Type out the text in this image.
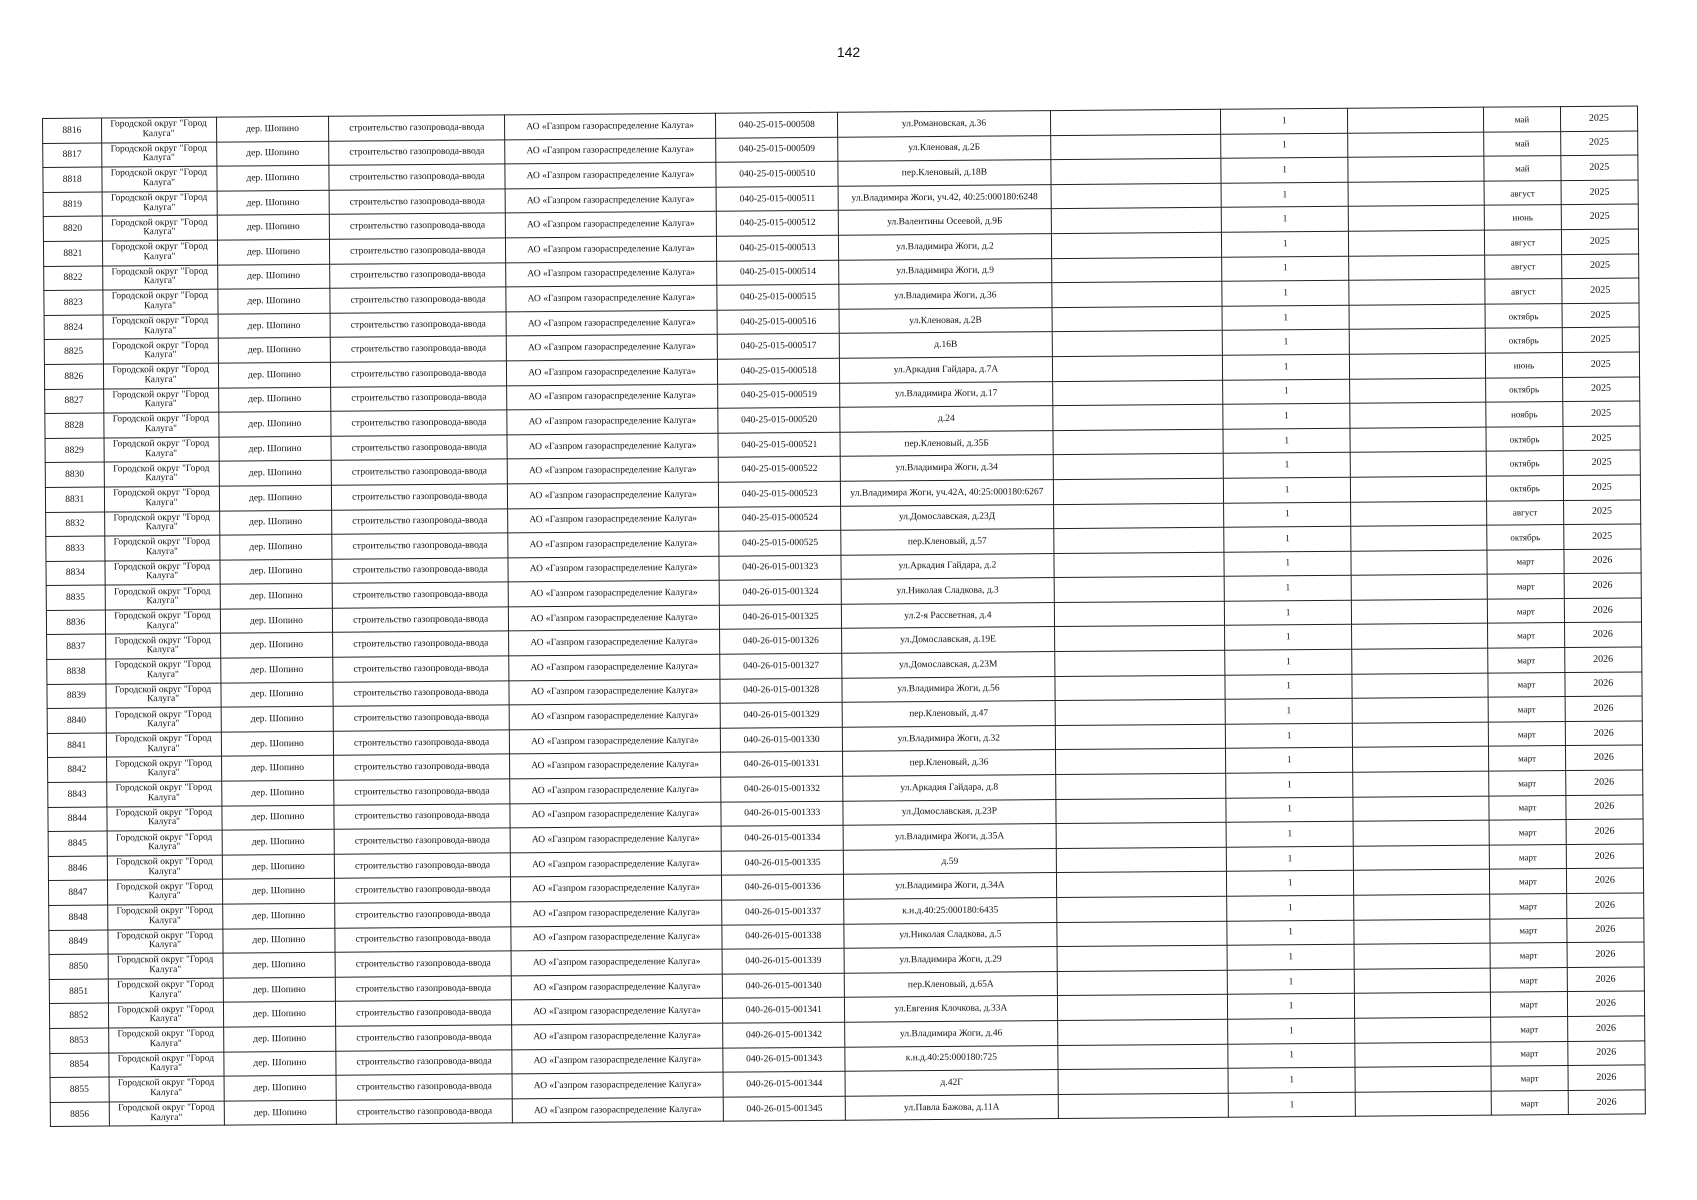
142
8816	Городской округ "Город Калуга"	дер. Шопино	строительство газопровода-ввода	АО «Газпром газораспределение Калуга»	040-25-015-000508	ул.Романовская, д.36		1		май	2025
8817	Городской округ "Город Калуга"	дер. Шопино	строительство газопровода-ввода	АО «Газпром газораспределение Калуга»	040-25-015-000509	ул.Кленовая, д.2Б		1		май	2025
8818	Городской округ "Город Калуга"	дер. Шопино	строительство газопровода-ввода	АО «Газпром газораспределение Калуга»	040-25-015-000510	пер.Кленовый, д.18В		1		май	2025
8819	Городской округ "Город Калуга"	дер. Шопино	строительство газопровода-ввода	АО «Газпром газораспределение Калуга»	040-25-015-000511	ул.Владимира Жоги, уч.42, 40:25:000180:6248		1		август	2025
8820	Городской округ "Город Калуга"	дер. Шопино	строительство газопровода-ввода	АО «Газпром газораспределение Калуга»	040-25-015-000512	ул.Валентины Осеевой, д.9Б		1		июнь	2025
8821	Городской округ "Город Калуга"	дер. Шопино	строительство газопровода-ввода	АО «Газпром газораспределение Калуга»	040-25-015-000513	ул.Владимира Жоги, д.2		1		август	2025
8822	Городской округ "Город Калуга"	дер. Шопино	строительство газопровода-ввода	АО «Газпром газораспределение Калуга»	040-25-015-000514	ул.Владимира Жоги, д.9		1		август	2025
8823	Городской округ "Город Калуга"	дер. Шопино	строительство газопровода-ввода	АО «Газпром газораспределение Калуга»	040-25-015-000515	ул.Владимира Жоги, д.36		1		август	2025
8824	Городской округ "Город Калуга"	дер. Шопино	строительство газопровода-ввода	АО «Газпром газораспределение Калуга»	040-25-015-000516	ул.Кленовая, д.2В		1		октябрь	2025
8825	Городской округ "Город Калуга"	дер. Шопино	строительство газопровода-ввода	АО «Газпром газораспределение Калуга»	040-25-015-000517	д.16В		1		октябрь	2025
8826	Городской округ "Город Калуга"	дер. Шопино	строительство газопровода-ввода	АО «Газпром газораспределение Калуга»	040-25-015-000518	ул.Аркадия Гайдара, д.7А		1		июнь	2025
8827	Городской округ "Город Калуга"	дер. Шопино	строительство газопровода-ввода	АО «Газпром газораспределение Калуга»	040-25-015-000519	ул.Владимира Жоги, д.17		1		октябрь	2025
8828	Городской округ "Город Калуга"	дер. Шопино	строительство газопровода-ввода	АО «Газпром газораспределение Калуга»	040-25-015-000520	д.24		1		ноябрь	2025
8829	Городской округ "Город Калуга"	дер. Шопино	строительство газопровода-ввода	АО «Газпром газораспределение Калуга»	040-25-015-000521	пер.Кленовый, д.35Б		1		октябрь	2025
8830	Городской округ "Город Калуга"	дер. Шопино	строительство газопровода-ввода	АО «Газпром газораспределение Калуга»	040-25-015-000522	ул.Владимира Жоги, д.34		1		октябрь	2025
8831	Городской округ "Город Калуга"	дер. Шопино	строительство газопровода-ввода	АО «Газпром газораспределение Калуга»	040-25-015-000523	ул.Владимира Жоги, уч.42А, 40:25:000180:6267		1		октябрь	2025
8832	Городской округ "Город Калуга"	дер. Шопино	строительство газопровода-ввода	АО «Газпром газораспределение Калуга»	040-25-015-000524	ул.Домославская, д.23Д		1		август	2025
8833	Городской округ "Город Калуга"	дер. Шопино	строительство газопровода-ввода	АО «Газпром газораспределение Калуга»	040-25-015-000525	пер.Кленовый, д.57		1		октябрь	2025
8834	Городской округ "Город Калуга"	дер. Шопино	строительство газопровода-ввода	АО «Газпром газораспределение Калуга»	040-26-015-001323	ул.Аркадия Гайдара, д.2		1		март	2026
8835	Городской округ "Город Калуга"	дер. Шопино	строительство газопровода-ввода	АО «Газпром газораспределение Калуга»	040-26-015-001324	ул.Николая Сладкова, д.3		1		март	2026
8836	Городской округ "Город Калуга"	дер. Шопино	строительство газопровода-ввода	АО «Газпром газораспределение Калуга»	040-26-015-001325	ул.2-я Рассветная, д.4		1		март	2026
8837	Городской округ "Город Калуга"	дер. Шопино	строительство газопровода-ввода	АО «Газпром газораспределение Калуга»	040-26-015-001326	ул.Домославская, д.19Е		1		март	2026
8838	Городской округ "Город Калуга"	дер. Шопино	строительство газопровода-ввода	АО «Газпром газораспределение Калуга»	040-26-015-001327	ул.Домославская, д.23М		1		март	2026
8839	Городской округ "Город Калуга"	дер. Шопино	строительство газопровода-ввода	АО «Газпром газораспределение Калуга»	040-26-015-001328	ул.Владимира Жоги, д.56		1		март	2026
8840	Городской округ "Город Калуга"	дер. Шопино	строительство газопровода-ввода	АО «Газпром газораспределение Калуга»	040-26-015-001329	пер.Кленовый, д.47		1		март	2026
8841	Городской округ "Город Калуга"	дер. Шопино	строительство газопровода-ввода	АО «Газпром газораспределение Калуга»	040-26-015-001330	ул.Владимира Жоги, д.32		1		март	2026
8842	Городской округ "Город Калуга"	дер. Шопино	строительство газопровода-ввода	АО «Газпром газораспределение Калуга»	040-26-015-001331	пер.Кленовый, д.36		1		март	2026
8843	Городской округ "Город Калуга"	дер. Шопино	строительство газопровода-ввода	АО «Газпром газораспределение Калуга»	040-26-015-001332	ул.Аркадия Гайдара, д.8		1		март	2026
8844	Городской округ "Город Калуга"	дер. Шопино	строительство газопровода-ввода	АО «Газпром газораспределение Калуга»	040-26-015-001333	ул.Домославская, д.23Р		1		март	2026
8845	Городской округ "Город Калуга"	дер. Шопино	строительство газопровода-ввода	АО «Газпром газораспределение Калуга»	040-26-015-001334	ул.Владимира Жоги, д.35А		1		март	2026
8846	Городской округ "Город Калуга"	дер. Шопино	строительство газопровода-ввода	АО «Газпром газораспределение Калуга»	040-26-015-001335	д.59		1		март	2026
8847	Городской округ "Город Калуга"	дер. Шопино	строительство газопровода-ввода	АО «Газпром газораспределение Калуга»	040-26-015-001336	ул.Владимира Жоги, д.34А		1		март	2026
8848	Городской округ "Город Калуга"	дер. Шопино	строительство газопровода-ввода	АО «Газпром газораспределение Калуга»	040-26-015-001337	к.н.д.40:25:000180:6435		1		март	2026
8849	Городской округ "Город Калуга"	дер. Шопино	строительство газопровода-ввода	АО «Газпром газораспределение Калуга»	040-26-015-001338	ул.Николая Сладкова, д.5		1		март	2026
8850	Городской округ "Город Калуга"	дер. Шопино	строительство газопровода-ввода	АО «Газпром газораспределение Калуга»	040-26-015-001339	ул.Владимира Жоги, д.29		1		март	2026
8851	Городской округ "Город Калуга"	дер. Шопино	строительство газопровода-ввода	АО «Газпром газораспределение Калуга»	040-26-015-001340	пер.Кленовый, д.65А		1		март	2026
8852	Городской округ "Город Калуга"	дер. Шопино	строительство газопровода-ввода	АО «Газпром газораспределение Калуга»	040-26-015-001341	ул.Евгения Клочкова, д.33А		1		март	2026
8853	Городской округ "Город Калуга"	дер. Шопино	строительство газопровода-ввода	АО «Газпром газораспределение Калуга»	040-26-015-001342	ул.Владимира Жоги, д.46		1		март	2026
8854	Городской округ "Город Калуга"	дер. Шопино	строительство газопровода-ввода	АО «Газпром газораспределение Калуга»	040-26-015-001343	к.н.д.40:25:000180:725		1		март	2026
8855	Городской округ "Город Калуга"	дер. Шопино	строительство газопровода-ввода	АО «Газпром газораспределение Калуга»	040-26-015-001344	д.42Г		1		март	2026
8856	Городской округ "Город Калуга"	дер. Шопино	строительство газопровода-ввода	АО «Газпром газораспределение Калуга»	040-26-015-001345	ул.Павла Бажова, д.11А		1		март	2026
